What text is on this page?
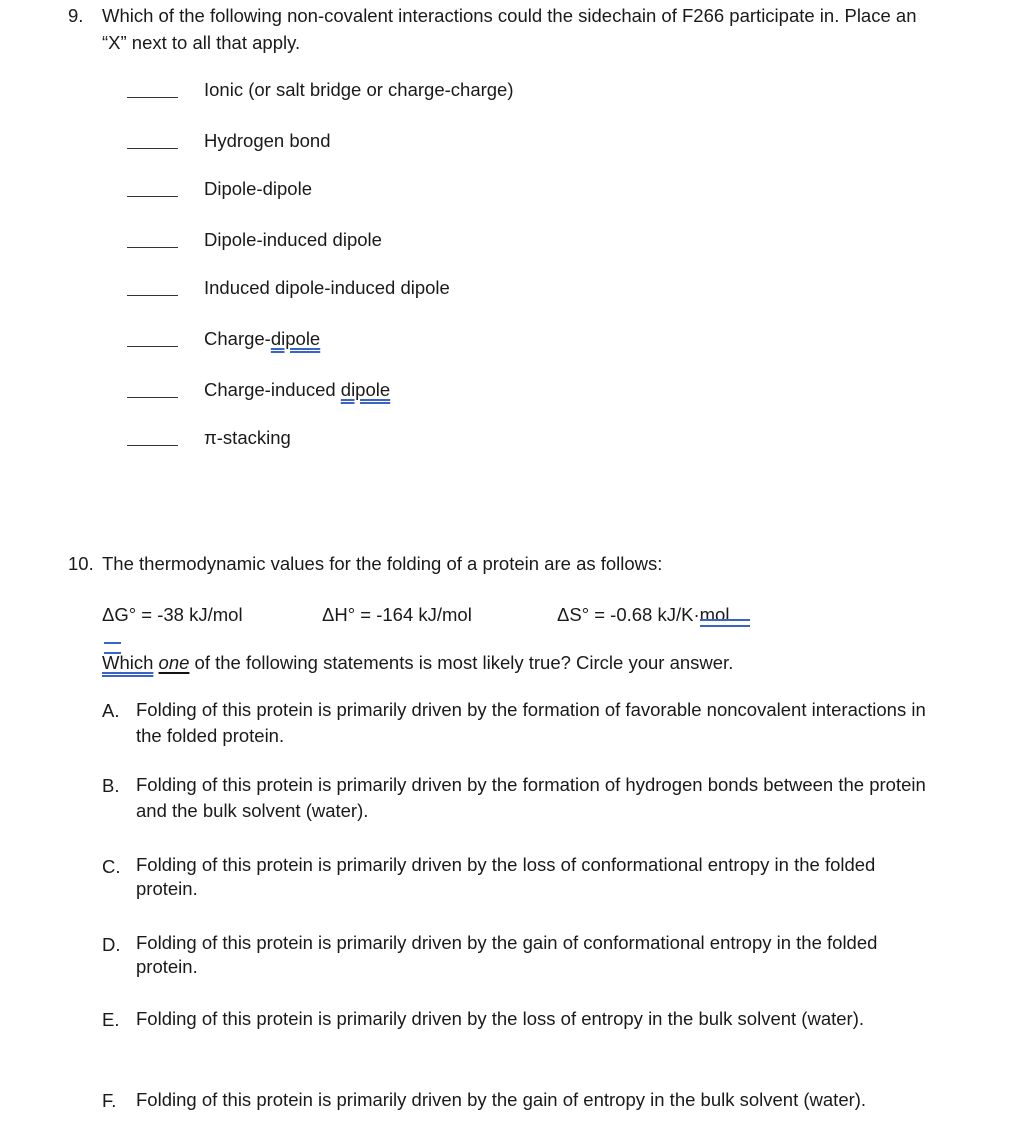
9. Which of the following non-covalent interactions could the sidechain of F266 participate in. Place an “X” next to all that apply.
Ionic (or salt bridge or charge-charge)
Hydrogen bond
Dipole-dipole
Dipole-induced dipole
Induced dipole-induced dipole
Charge-dipole
Charge-induced dipole
π-stacking
10. The thermodynamic values for the folding of a protein are as follows:
ΔG° = -38 kJ/mol	ΔH° = -164 kJ/mol	ΔS° = -0.68 kJ/K·mol
Which one of the following statements is most likely true? Circle your answer.
A. Folding of this protein is primarily driven by the formation of favorable noncovalent interactions in the folded protein.
B. Folding of this protein is primarily driven by the formation of hydrogen bonds between the protein and the bulk solvent (water).
C. Folding of this protein is primarily driven by the loss of conformational entropy in the folded protein.
D. Folding of this protein is primarily driven by the gain of conformational entropy in the folded protein.
E. Folding of this protein is primarily driven by the loss of entropy in the bulk solvent (water).
F. Folding of this protein is primarily driven by the gain of entropy in the bulk solvent (water).
